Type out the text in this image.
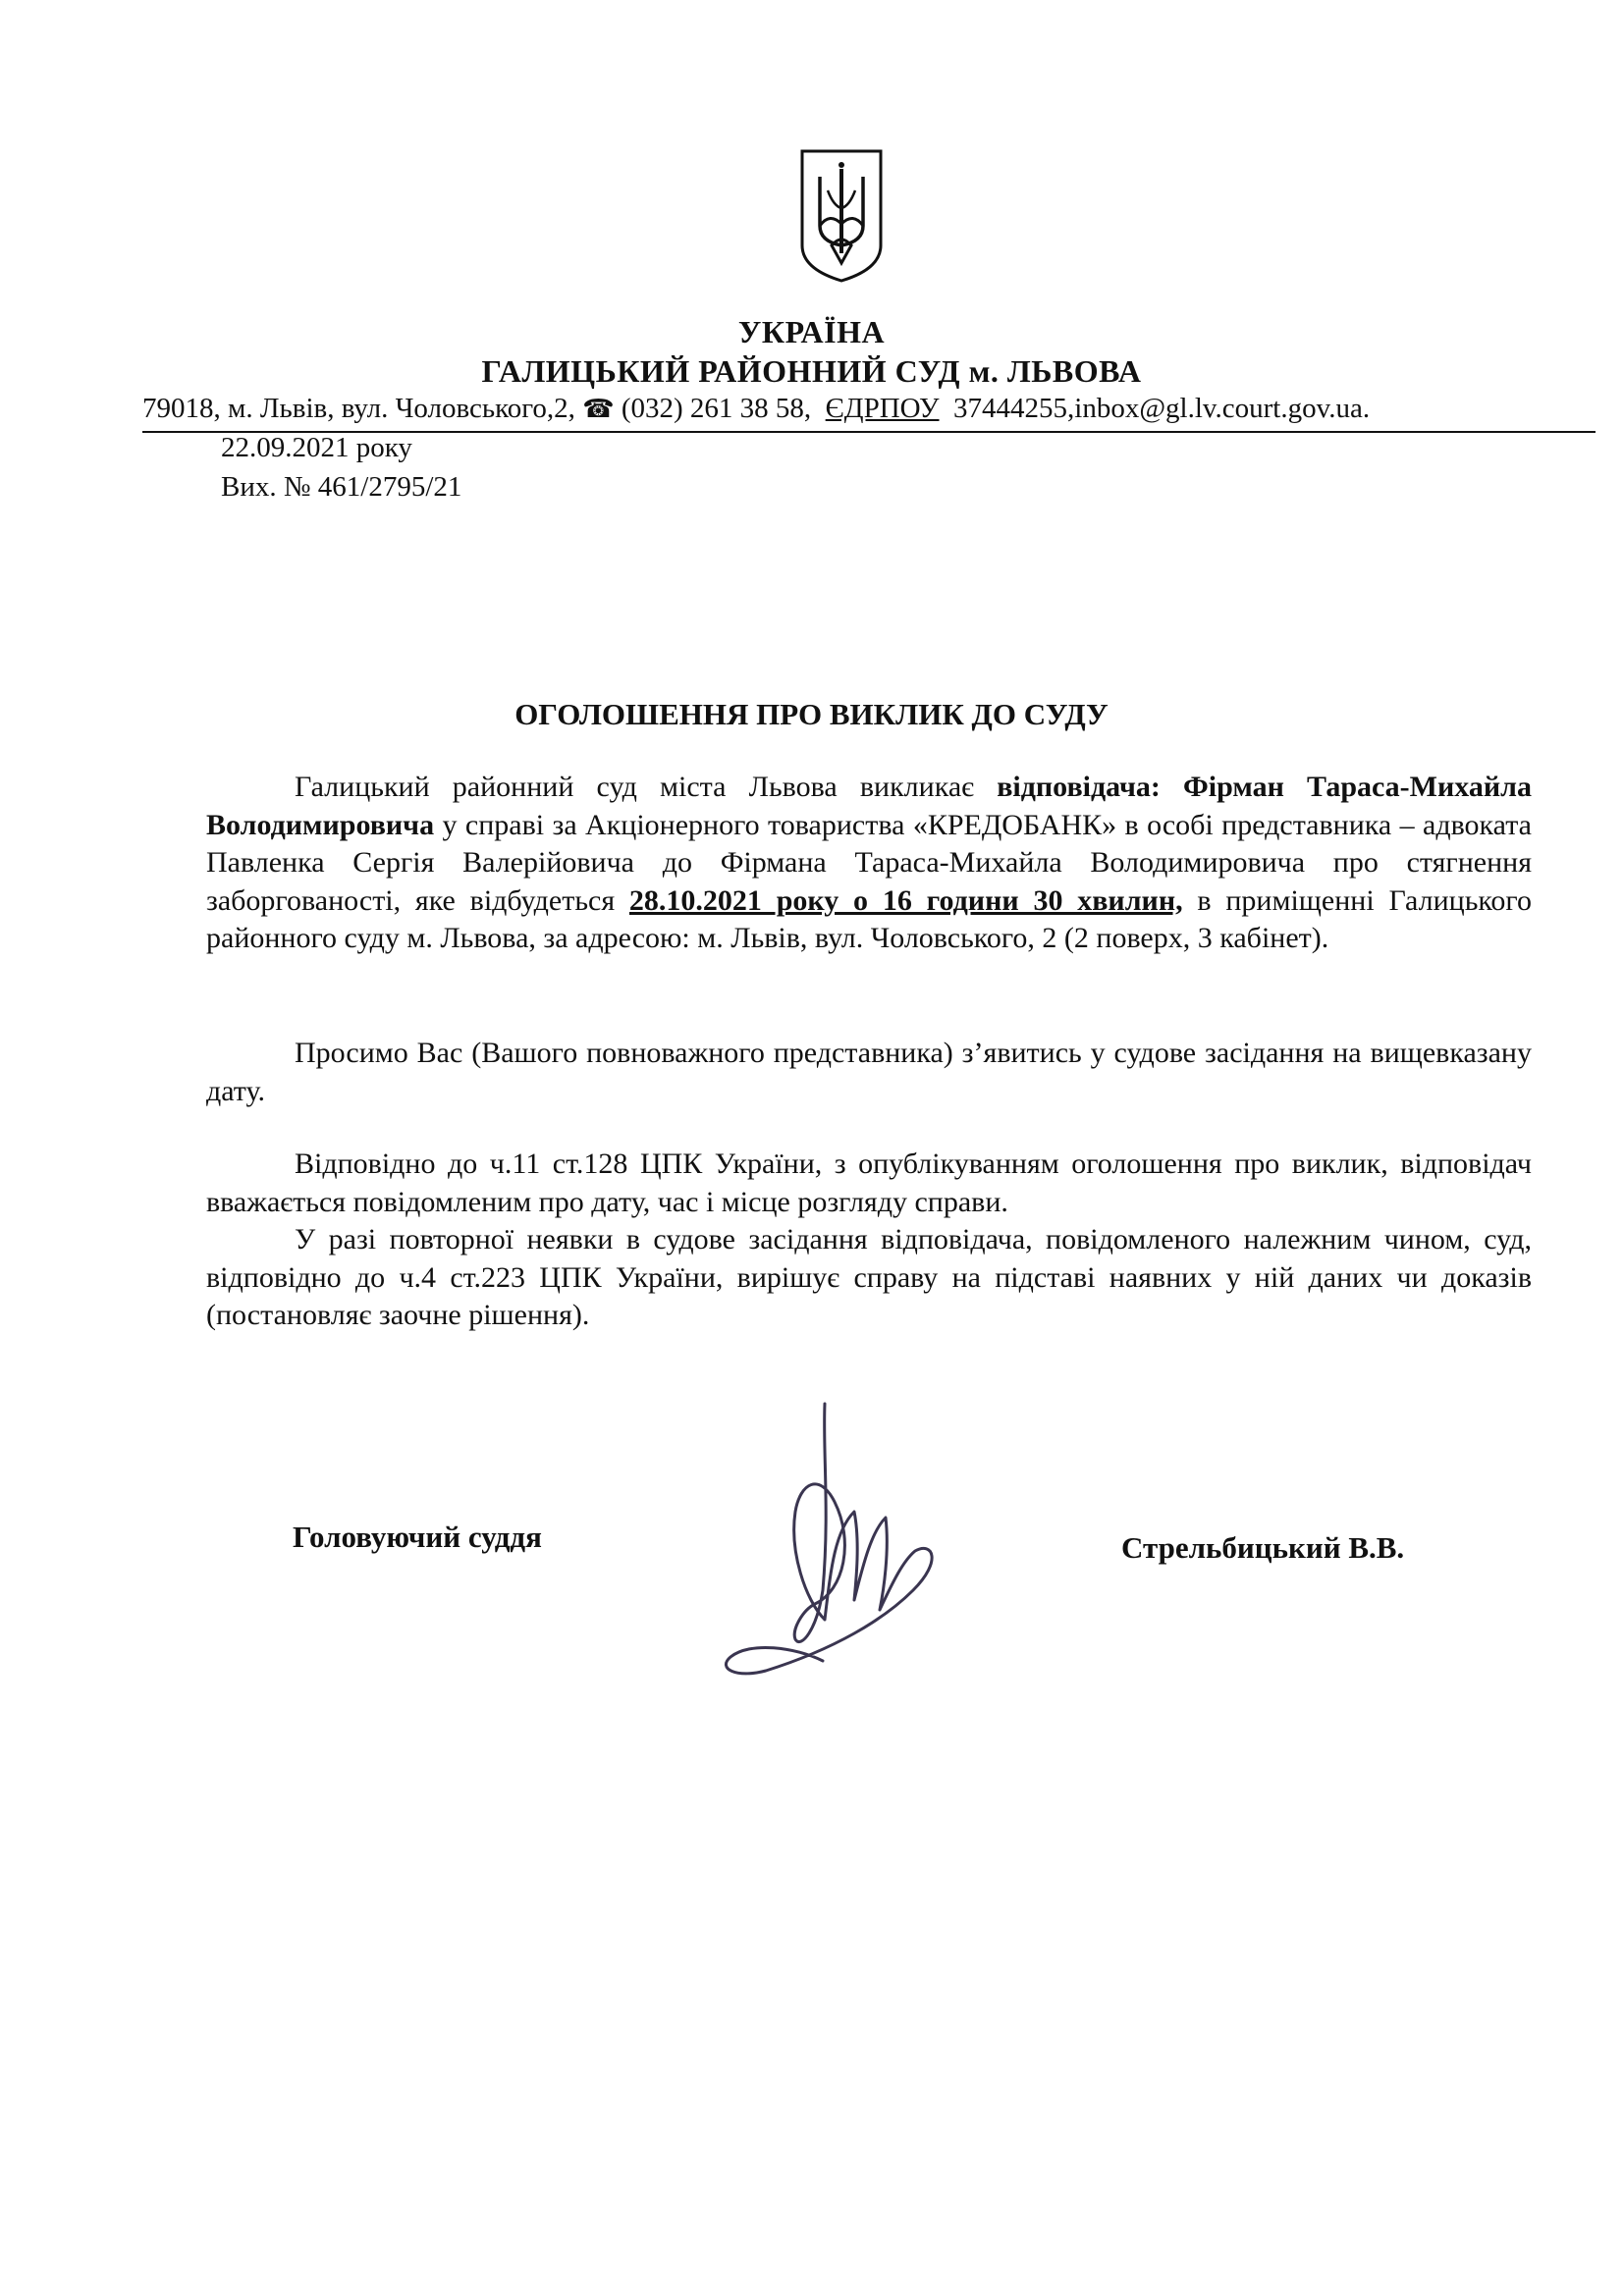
УКРАЇНА
ГАЛИЦЬКИЙ РАЙОННИЙ СУД м. ЛЬВОВА
79018, м. Львів, вул. Чоловського,2, ☎ (032) 261 38 58, ЄДРПОУ 37444255,inbox@gl.lv.court.gov.ua.
22.09.2021 року
Вих. № 461/2795/21
ОГОЛОШЕННЯ ПРО ВИКЛИК ДО СУДУ
Галицький районний суд міста Львова викликає відповідача: Фірман Тараса-Михайла Володимировича у справі за Акціонерного товариства «КРЕДОБАНК» в особі представника – адвоката Павленка Сергія Валерійовича до Фірмана Тараса-Михайла Володимировича про стягнення заборгованості, яке відбудеться 28.10.2021 року о 16 години 30 хвилин, в приміщенні Галицького районного суду м. Львова, за адресою: м. Львів, вул. Чоловського, 2 (2 поверх, 3 кабінет).
Просимо Вас (Вашого повноважного представника) з’явитись у судове засідання на вищевказану дату.
Відповідно до ч.11 ст.128 ЦПК України, з опублікуванням оголошення про виклик, відповідач вважається повідомленим про дату, час і місце розгляду справи.
У разі повторної неявки в судове засідання відповідача, повідомленого належним чином, суд, відповідно до ч.4 ст.223 ЦПК України, вирішує справу на підставі наявних у ній даних чи доказів (постановляє заочне рішення).
Головуючий суддя	Стрельбицький В.В.
